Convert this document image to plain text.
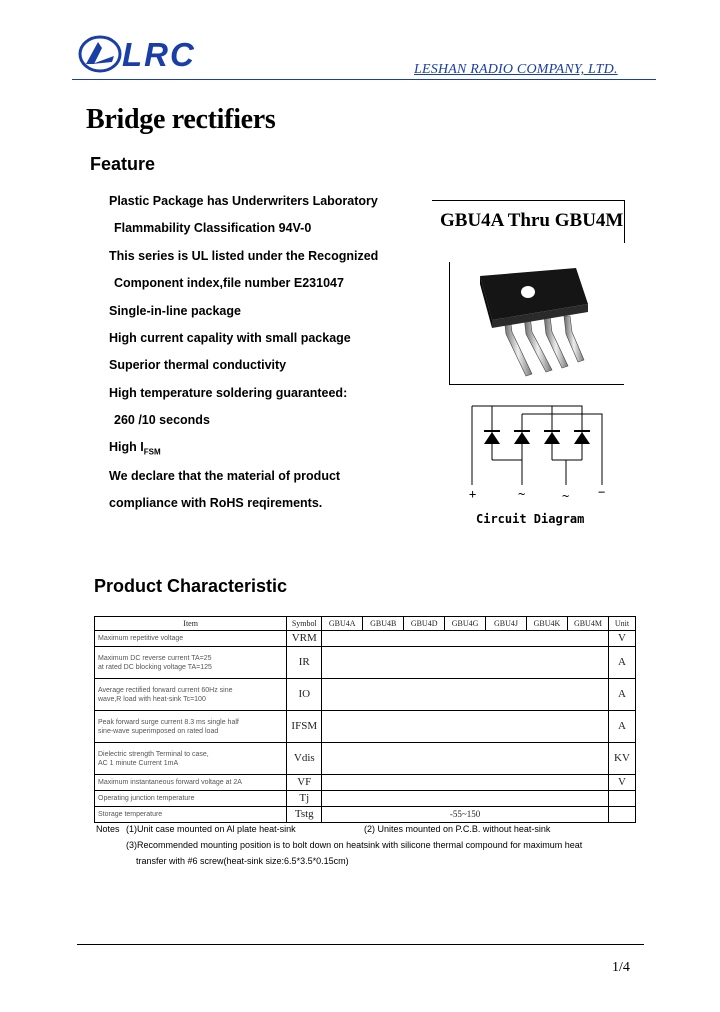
LRC	LESHAN RADIO COMPANY, LTD.
Bridge rectifiers
Feature
Plastic Package has Underwriters Laboratory
Flammability Classification 94V-0
This series is UL listed under the Recognized
Component index,file number E231047
Single-in-line package
High current capality with small package
Superior thermal conductivity
High temperature soldering guaranteed:
260 /10 seconds
High $I_{FSM}$
We declare that the material of product
compliance with RoHS reqirements.
GBU4A Thru GBU4M
+	~	~ −
Circuit Diagram
Product Characteristic
Item	Symbol	GBU4A	GBU4B	GBU4D	GBU4G	GBU4J	GBU4K	GBU4M	Unit

Maximum repetitive voltage	VRM								V

Maximum DC reverse current TA=25
at rated DC blocking voltage TA=125	IR								A

Average rectified forward current 60Hz sine
wave,R load with heat-sink Tc=100	IO								A

Peak forward surge current 8.3 ms single half
sine-wave superimposed on rated load	IFSM								A

Dielectric strength Terminal to case,
AC 1 minute Current 1mA	Vdis								KV

Maximum instantaneous forward voltage at 2A	VF								V

Operating junction temperature	Tj								

Storage temperature	Tstg	-55~150							
Notes (1)Unit case mounted on Al plate heat-sink	(2) Unites mounted on P.C.B. without heat-sink
(3)Recommended mounting position is to bolt down on heatsink with silicone thermal compound for maximum heat
transfer with #6 screw(heat-sink size:6.5*3.5*0.15cm)
1/4
